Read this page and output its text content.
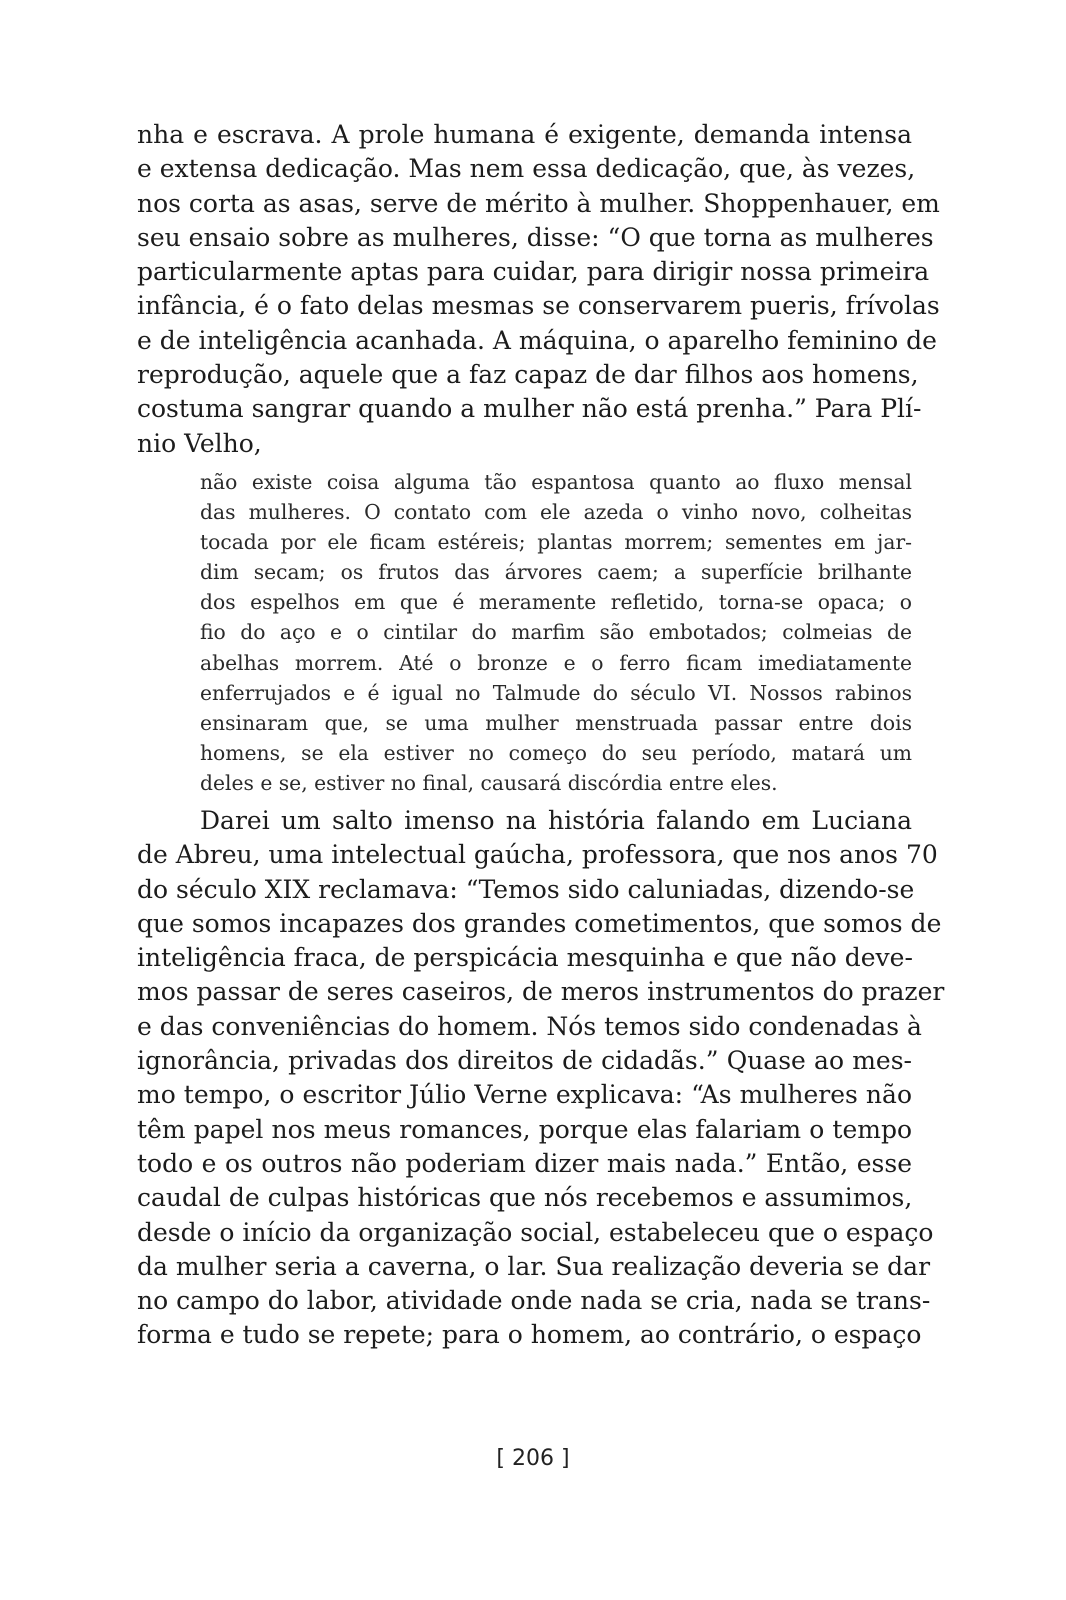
nha e escrava. A prole humana é exigente, demanda intensa
e extensa dedicação. Mas nem essa dedicação, que, às vezes,
nos corta as asas, serve de mérito à mulher. Shoppenhauer, em
seu ensaio sobre as mulheres, disse: “O que torna as mulheres
particularmente aptas para cuidar, para dirigir nossa primeira
infância, é o fato delas mesmas se conservarem pueris, frívolas
e de inteligência acanhada. A máquina, o aparelho feminino de
reprodução, aquele que a faz capaz de dar filhos aos homens,
costuma sangrar quando a mulher não está prenha.” Para Plí-
nio Velho,
não existe coisa alguma tão espantosa quanto ao fluxo mensal
das mulheres. O contato com ele azeda o vinho novo, colheitas
tocada por ele ficam estéreis; plantas morrem; sementes em jar-
dim secam; os frutos das árvores caem; a superfície brilhante
dos espelhos em que é meramente refletido, torna-se opaca; o
fio do aço e o cintilar do marfim são embotados; colmeias de
abelhas morrem. Até o bronze e o ferro ficam imediatamente
enferrujados e é igual no Talmude do século VI. Nossos rabinos
ensinaram que, se uma mulher menstruada passar entre dois
homens, se ela estiver no começo do seu período, matará um
deles e se, estiver no final, causará discórdia entre eles.
Darei um salto imenso na história falando em Luciana
de Abreu, uma intelectual gaúcha, professora, que nos anos 70
do século XIX reclamava: “Temos sido caluniadas, dizendo-se
que somos incapazes dos grandes cometimentos, que somos de
inteligência fraca, de perspicácia mesquinha e que não deve-
mos passar de seres caseiros, de meros instrumentos do prazer
e das conveniências do homem. Nós temos sido condenadas à
ignorância, privadas dos direitos de cidadãs.” Quase ao mes-
mo tempo, o escritor Júlio Verne explicava: “As mulheres não
têm papel nos meus romances, porque elas falariam o tempo
todo e os outros não poderiam dizer mais nada.” Então, esse
caudal de culpas históricas que nós recebemos e assumimos,
desde o início da organização social, estabeleceu que o espaço
da mulher seria a caverna, o lar. Sua realização deveria se dar
no campo do labor, atividade onde nada se cria, nada se trans-
forma e tudo se repete; para o homem, ao contrário, o espaço
[ 206 ]
